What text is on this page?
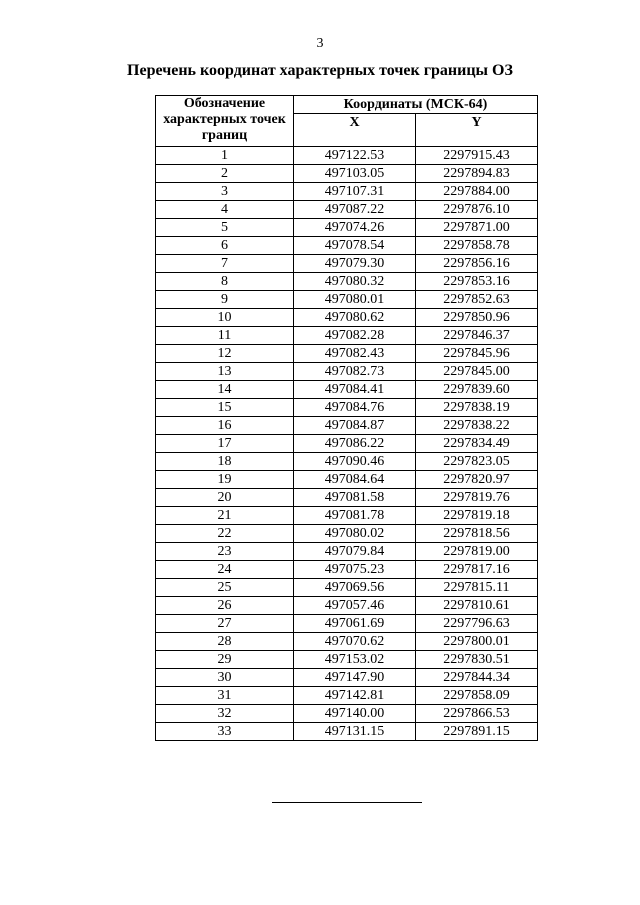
3
Перечень координат характерных точек границы ОЗ
Обозначение характерных точек границ	Координаты (МСК-64)	
	X	Y
1	497122.53	2297915.43
2	497103.05	2297894.83
3	497107.31	2297884.00
4	497087.22	2297876.10
5	497074.26	2297871.00
6	497078.54	2297858.78
7	497079.30	2297856.16
8	497080.32	2297853.16
9	497080.01	2297852.63
10	497080.62	2297850.96
11	497082.28	2297846.37
12	497082.43	2297845.96
13	497082.73	2297845.00
14	497084.41	2297839.60
15	497084.76	2297838.19
16	497084.87	2297838.22
17	497086.22	2297834.49
18	497090.46	2297823.05
19	497084.64	2297820.97
20	497081.58	2297819.76
21	497081.78	2297819.18
22	497080.02	2297818.56
23	497079.84	2297819.00
24	497075.23	2297817.16
25	497069.56	2297815.11
26	497057.46	2297810.61
27	497061.69	2297796.63
28	497070.62	2297800.01
29	497153.02	2297830.51
30	497147.90	2297844.34
31	497142.81	2297858.09
32	497140.00	2297866.53
33	497131.15	2297891.15
